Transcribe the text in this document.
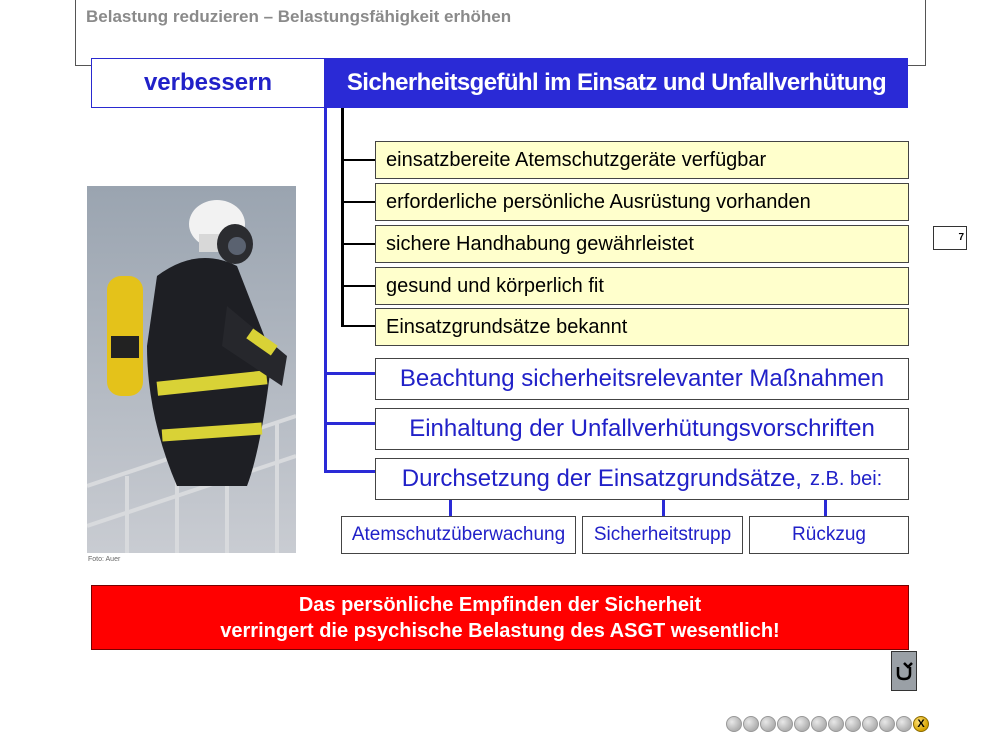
Belastung reduzieren – Belastungsfähigkeit erhöhen
verbessern	Sicherheitsgefühl im Einsatz und Unfallverhütung
einsatzbereite Atemschutzgeräte verfügbar
erforderliche persönliche Ausrüstung vorhanden
sichere Handhabung gewährleistet
gesund und körperlich fit
Einsatzgrundsätze bekannt
Beachtung sicherheitsrelevanter Maßnahmen
Einhaltung der Unfallverhütungsvorschriften
Durchsetzung der Einsatzgrundsätze, z.B. bei:
Atemschutzüberwachung	Sicherheitstrupp	Rückzug
Foto: Auer
7
Das persönliche Empfinden der Sicherheit
verringert die psychische Belastung des ASGT wesentlich!
X
